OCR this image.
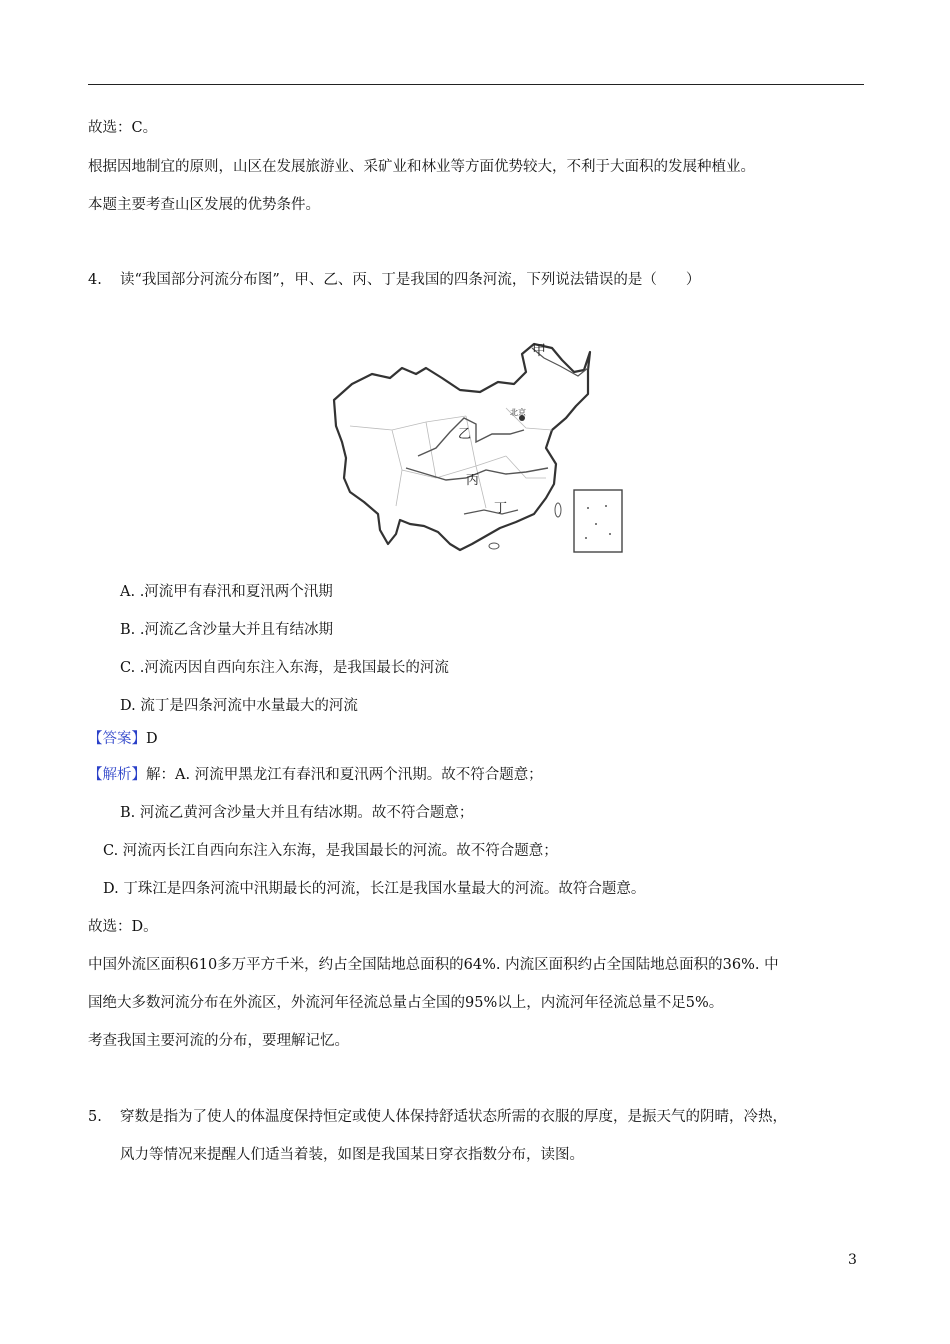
故选：C。
根据因地制宜的原则，山区在发展旅游业、采矿业和林业等方面优势较大，不利于大面积的发展种植业。
本题主要考查山区发展的优势条件。
4. 读“我国部分河流分布图”，甲、乙、丙、丁是我国的四条河流，下列说法错误的是（　　）
甲
北京
乙
丙
丁
A. .河流甲有春汛和夏汛两个汛期
B. .河流乙含沙量大并且有结冰期
C. .河流丙因自西向东注入东海，是我国最长的河流
D. 流丁是四条河流中水量最大的河流
【答案】D
【解析】解：A. 河流甲黑龙江有春汛和夏汛两个汛期。故不符合题意；
B. 河流乙黄河含沙量大并且有结冰期。故不符合题意；
C. 河流丙长江自西向东注入东海，是我国最长的河流。故不符合题意；
D. 丁珠江是四条河流中汛期最长的河流，长江是我国水量最大的河流。故符合题意。
故选：D。
中国外流区面积610多万平方千米，约占全国陆地总面积的64%. 内流区面积约占全国陆地总面积的36%. 中
国绝大多数河流分布在外流区，外流河年径流总量占全国的95%以上，内流河年径流总量不足5%。
考查我国主要河流的分布，要理解记忆。
5. 穿数是指为了使人的体温度保持恒定或使人体保持舒适状态所需的衣服的厚度，是振天气的阴晴，冷热，
风力等情况来提醒人们适当着装，如图是我国某日穿衣指数分布，读图。
3
